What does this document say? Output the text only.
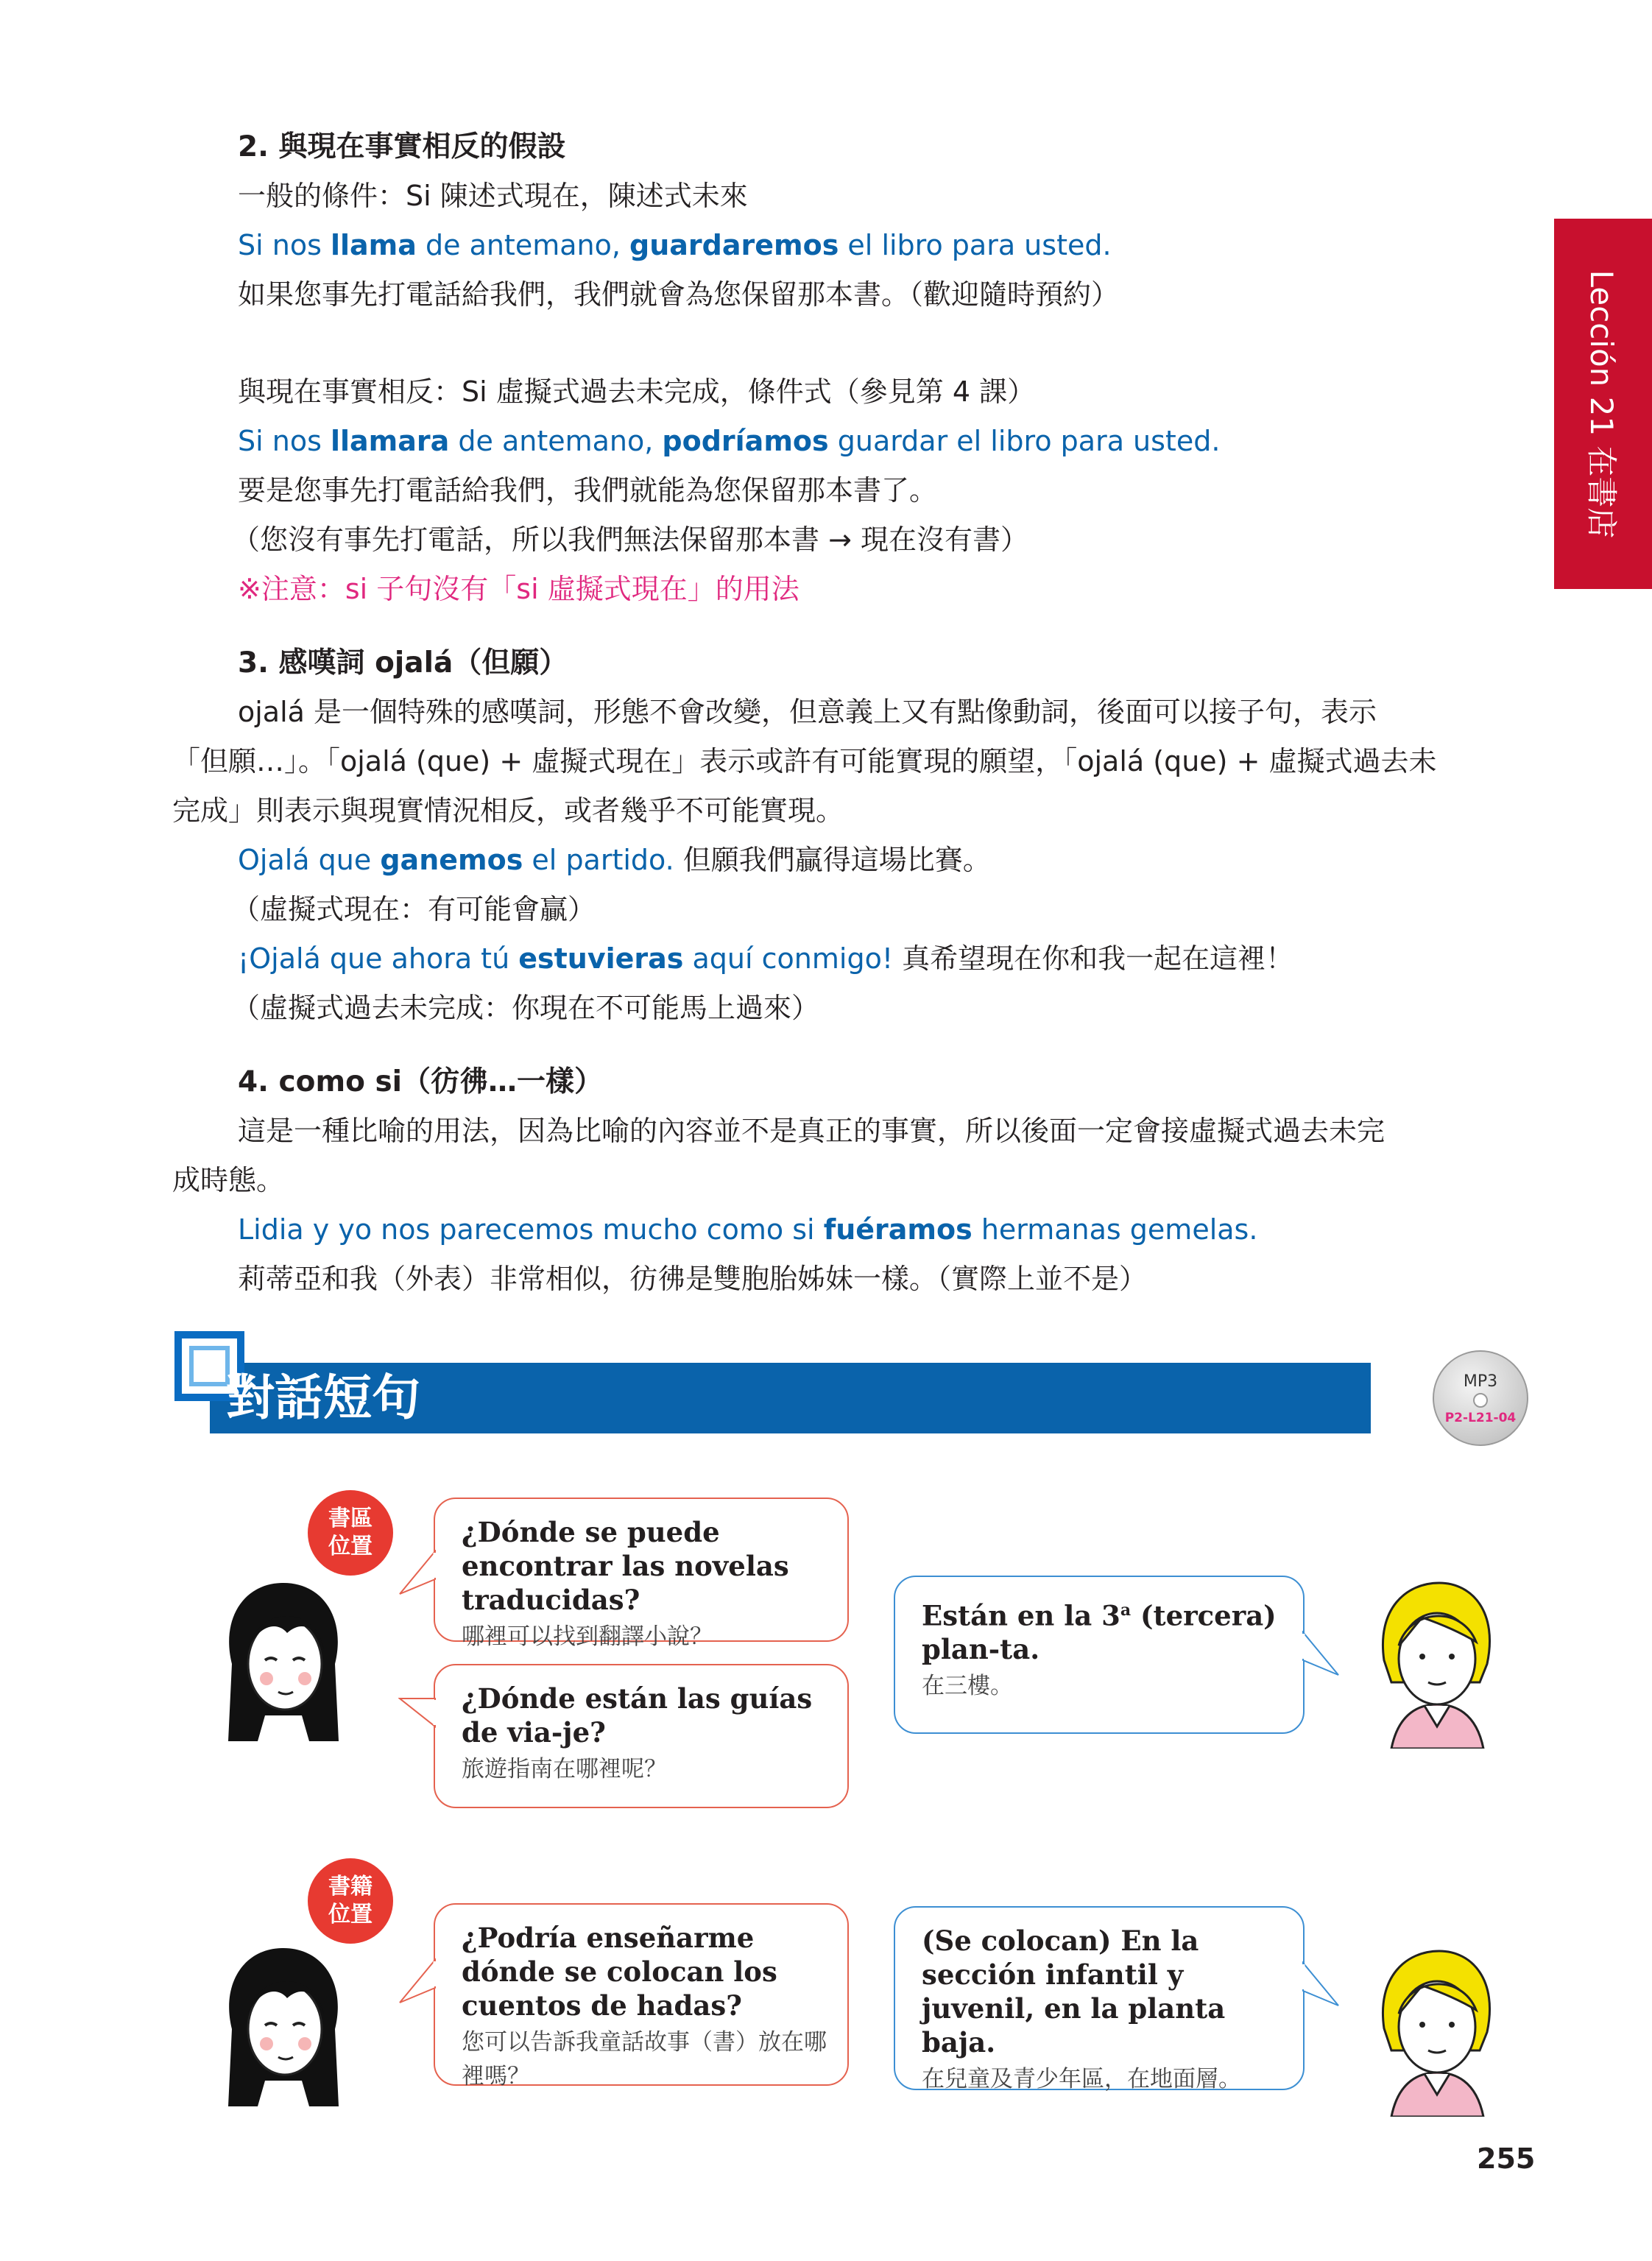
Lección 21 在書店
2. 與現在事實相反的假設
一般的條件：Si 陳述式現在，陳述式未來
Si nos llama de antemano, guardaremos el libro para usted.
如果您事先打電話給我們，我們就會為您保留那本書。（歡迎隨時預約）
與現在事實相反：Si 虛擬式過去未完成，條件式（參見第 4 課）
Si nos llamara de antemano, podríamos guardar el libro para usted.
要是您事先打電話給我們，我們就能為您保留那本書了。
（您沒有事先打電話，所以我們無法保留那本書 → 現在沒有書）
※注意：si 子句沒有「si 虛擬式現在」的用法
3. 感嘆詞 ojalá（但願）
ojalá 是一個特殊的感嘆詞，形態不會改變，但意義上又有點像動詞，後面可以接子句，表示
「但願…」。「ojalá (que) + 虛擬式現在」表示或許有可能實現的願望，「ojalá (que) + 虛擬式過去未
完成」則表示與現實情況相反，或者幾乎不可能實現。
Ojalá que ganemos el partido. 但願我們贏得這場比賽。
（虛擬式現在：有可能會贏）
¡Ojalá que ahora tú estuvieras aquí conmigo! 真希望現在你和我一起在這裡！
（虛擬式過去未完成：你現在不可能馬上過來）
4. como si（彷彿…一樣）
這是一種比喻的用法，因為比喻的內容並不是真正的事實，所以後面一定會接虛擬式過去未完
成時態。
Lidia y yo nos parecemos mucho como si fuéramos hermanas gemelas.
莉蒂亞和我（外表）非常相似，彷彿是雙胞胎姊妹一樣。（實際上並不是）
對話短句	MP3
P2-L21-04
書區
位置	¿Dónde se puede encontrar las novelas traducidas?
哪裡可以找到翻譯小說？
¿Dónde están las guías de via-je?
旅遊指南在哪裡呢？
Están en la 3$^a$ (tercera) plan-ta.
在三樓。
書籍
位置
¿Podría enseñarme dónde se colocan los cuentos de hadas?
您可以告訴我童話故事（書）放在哪裡嗎？
(Se colocan) En la sección infantil y juvenil, en la planta baja.
在兒童及青少年區，在地面層。
255
